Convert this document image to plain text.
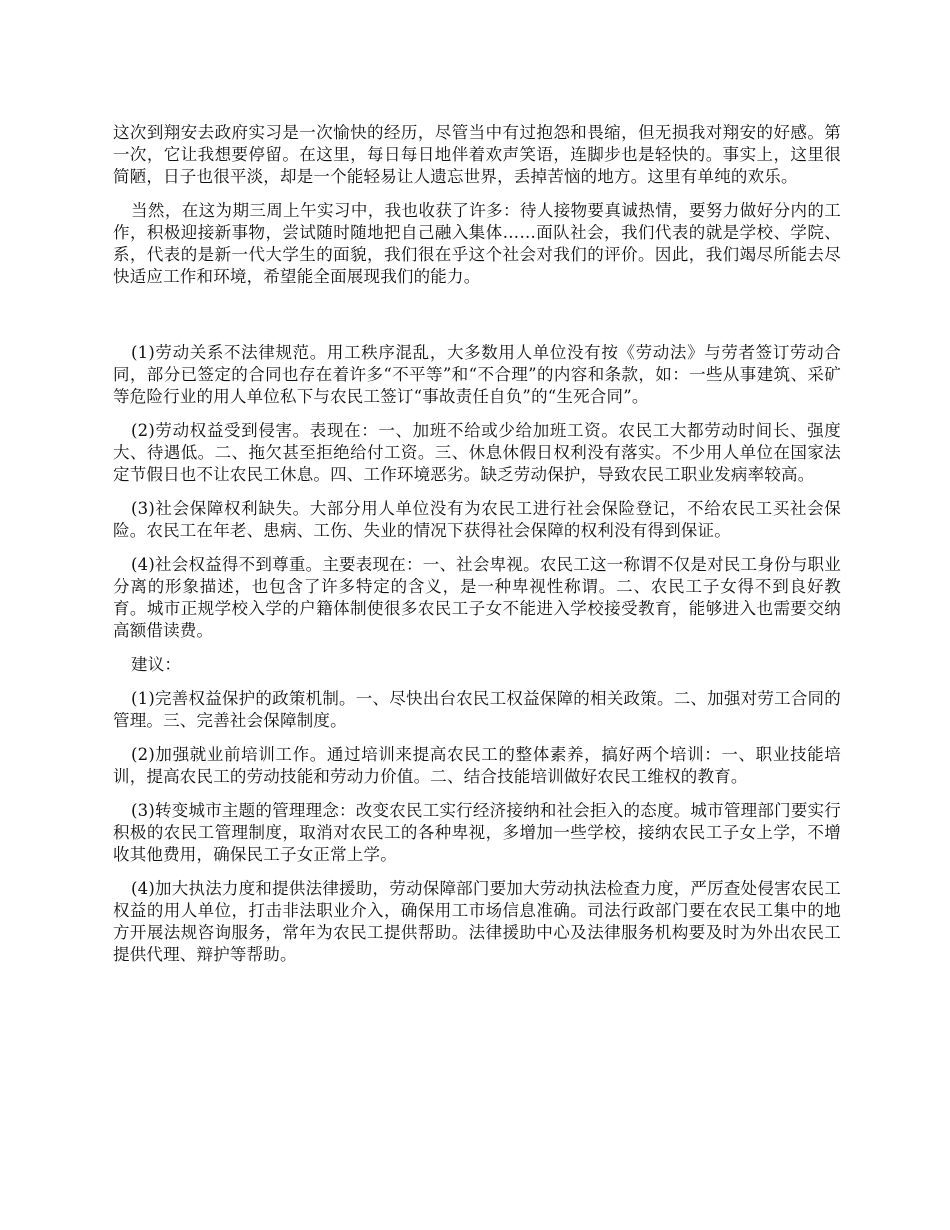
这次到翔安去政府实习是一次愉快的经历，尽管当中有过抱怨和畏缩，但无损我对翔安的好感。第一次，它让我想要停留。在这里，每日每日地伴着欢声笑语，连脚步也是轻快的。事实上，这里很简陋，日子也很平淡，却是一个能轻易让人遗忘世界，丢掉苦恼的地方。这里有单纯的欢乐。

当然，在这为期三周上午实习中，我也收获了许多：待人接物要真诚热情，要努力做好分内的工作，积极迎接新事物，尝试随时随地把自己融入集体……面队社会，我们代表的就是学校、学院、系，代表的是新一代大学生的面貌，我们很在乎这个社会对我们的评价。因此，我们竭尽所能去尽快适应工作和环境，希望能全面展现我们的能力。

(1)劳动关系不法律规范。用工秩序混乱，大多数用人单位没有按《劳动法》与劳者签订劳动合同，部分已签定的合同也存在着许多“不平等”和“不合理”的内容和条款，如：一些从事建筑、采矿等危险行业的用人单位私下与农民工签订“事故责任自负”的“生死合同”。

(2)劳动权益受到侵害。表现在：一、加班不给或少给加班工资。农民工大都劳动时间长、强度大、待遇低。二、拖欠甚至拒绝给付工资。三、休息休假日权利没有落实。不少用人单位在国家法定节假日也不让农民工休息。四、工作环境恶劣。缺乏劳动保护，导致农民工职业发病率较高。

(3)社会保障权利缺失。大部分用人单位没有为农民工进行社会保险登记，不给农民工买社会保险。农民工在年老、患病、工伤、失业的情况下获得社会保障的权利没有得到保证。

(4)社会权益得不到尊重。主要表现在：一、社会卑视。农民工这一称谓不仅是对民工身份与职业分离的形象描述，也包含了许多特定的含义，是一种卑视性称谓。二、农民工子女得不到良好教育。城市正规学校入学的户籍体制使很多农民工子女不能进入学校接受教育，能够进入也需要交纳高额借读费。

建议：

(1)完善权益保护的政策机制。一、尽快出台农民工权益保障的相关政策。二、加强对劳工合同的管理。三、完善社会保障制度。

(2)加强就业前培训工作。通过培训来提高农民工的整体素养，搞好两个培训：一、职业技能培训，提高农民工的劳动技能和劳动力价值。二、结合技能培训做好农民工维权的教育。

(3)转变城市主题的管理理念：改变农民工实行经济接纳和社会拒入的态度。城市管理部门要实行积极的农民工管理制度，取消对农民工的各种卑视，多增加一些学校，接纳农民工子女上学，不增收其他费用，确保民工子女正常上学。

(4)加大执法力度和提供法律援助，劳动保障部门要加大劳动执法检查力度，严厉查处侵害农民工权益的用人单位，打击非法职业介入，确保用工市场信息准确。司法行政部门要在农民工集中的地方开展法规咨询服务，常年为农民工提供帮助。法律援助中心及法律服务机构要及时为外出农民工提供代理、辩护等帮助。
